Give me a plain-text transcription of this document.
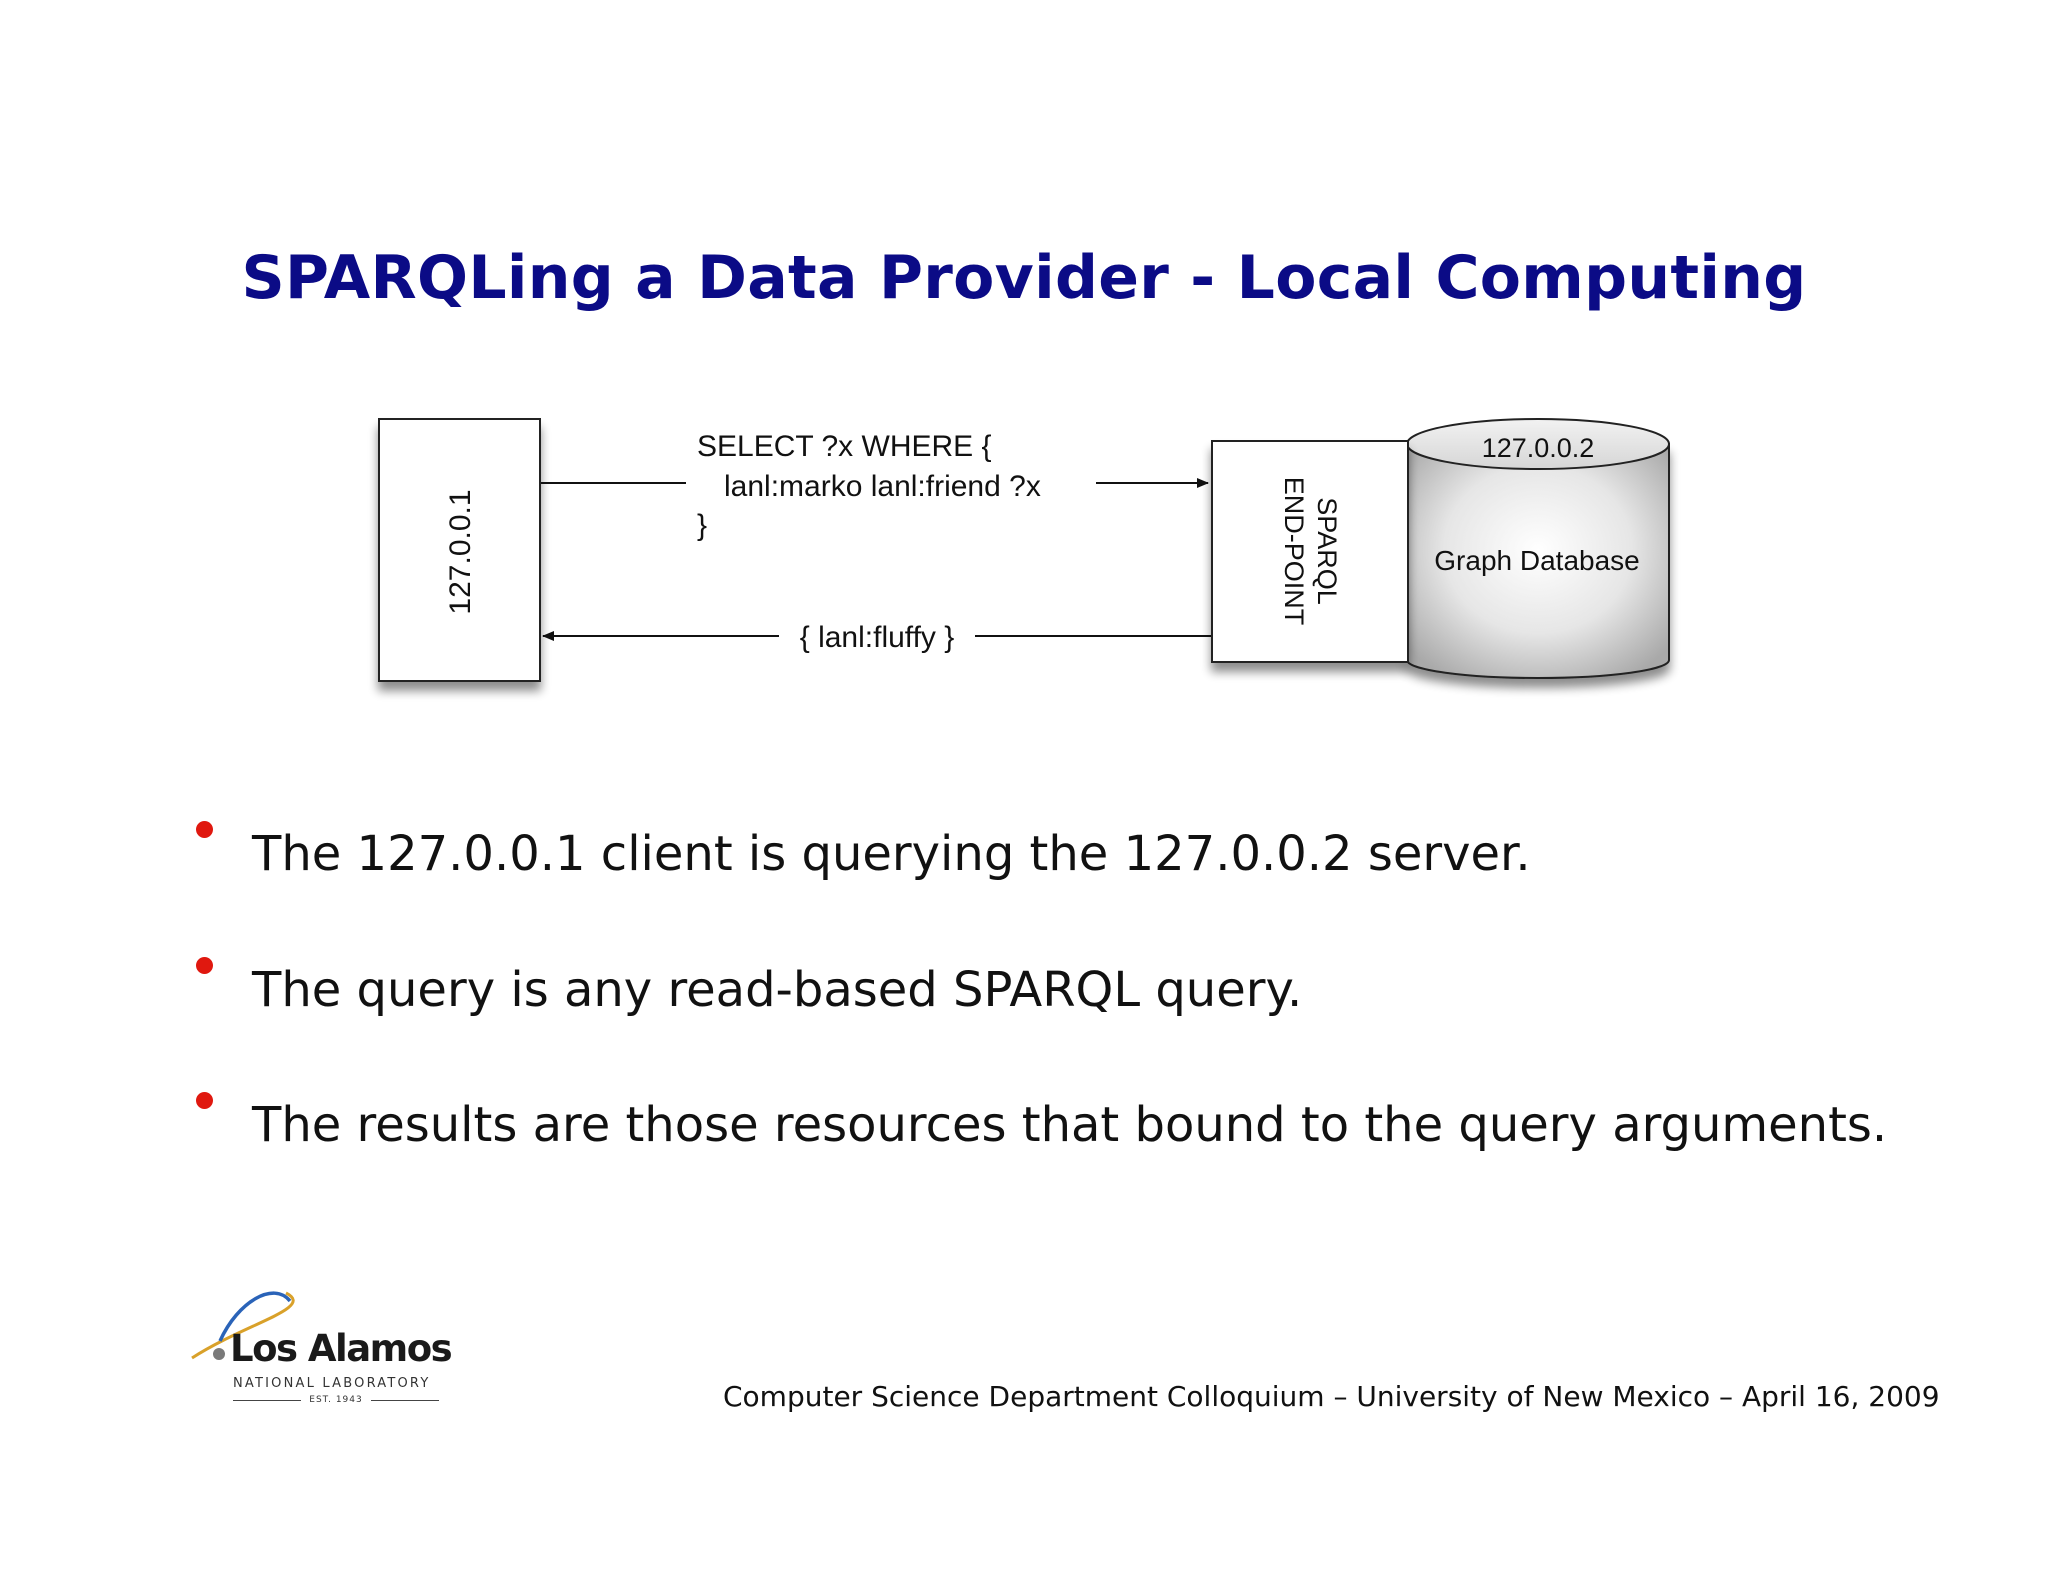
SPARQLing a Data Provider - Local Computing
127.0.0.1
SELECT ?x WHERE {
lanl:marko lanl:friend ?x
}
{ lanl:fluffy }
127.0.0.2
Graph Database
SPARQL
END-POINT
The 127.0.0.1 client is querying the 127.0.0.2 server.
The query is any read-based SPARQL query.
The results are those resources that bound to the query arguments.
Los Alamos
NATIONAL LABORATORY
EST. 1943	Computer Science Department Colloquium – University of New Mexico – April 16, 2009
